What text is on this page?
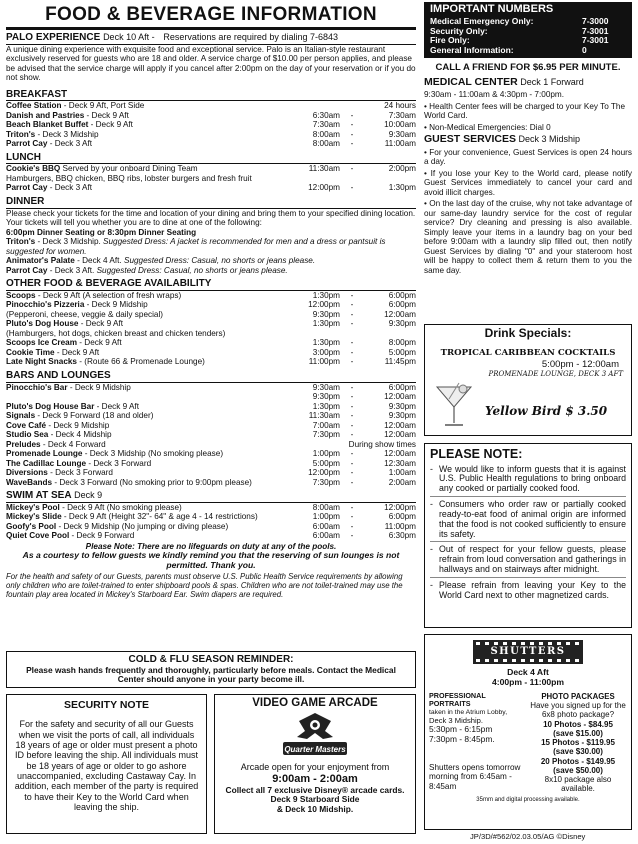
FOOD & BEVERAGE INFORMATION
PALO EXPERIENCE Deck 10 Aft - Reservations are required by dialing 7-6843

A unique dining experience with exquisite food and exceptional service. Palo is an Italian-style restaurant exclusively reserved for guests who are 18 and older. A service charge of $10.00 per person applies, and please be advised that the service charge will apply if you cancel after 2:00pm on the day of your reservation or if you do not show.

BREAKFAST
Coffee Station - Deck 9 Aft, Port Side	24 hours
Danish and Pastries - Deck 9 Aft	6:30am	-	7:30am
Beach Blanket Buffet - Deck 9 Aft	7:30am	-	10:00am
Triton's - Deck 3 Midship	8:00am	-	9:30am
Parrot Cay - Deck 3 Aft	8:00am	-	11:00am
LUNCH
Cookie's BBQ Served by your onboard Dining Team	11:30am	-	2:00pm

Hamburgers, BBQ chicken, BBQ ribs, lobster burgers and fresh fruit

Parrot Cay - Deck 3 Aft	12:00pm	-	1:30pm
DINNER

Please check your tickets for the time and location of your dining and bring them to your specified dining location. Your tickets will tell you whether you are to dine at one of the following:

6:00pm Dinner Seating or 8:30pm Dinner Seating

Triton's - Deck 3 Midship. Suggested Dress: A jacket is recommended for men and a dress or pantsuit is suggested for women.

Animator's Palate - Deck 4 Aft. Suggested Dress: Casual, no shorts or jeans please.

Parrot Cay - Deck 3 Aft. Suggested Dress: Casual, no shorts or jeans please.

OTHER FOOD & BEVERAGE AVAILABILITY
Scoops - Deck 9 Aft (A selection of fresh wraps)	1:30pm	-	6:00pm
Pinocchio's Pizzeria - Deck 9 Midship	12:00pm	-	6:00pm
(Pepperoni, cheese, veggie & daily special)	9:30pm	-	12:00am
Pluto's Dog House - Deck 9 Aft	1:30pm	-	9:30pm
(Hamburgers, hot dogs, chicken breast and chicken tenders)
Scoops Ice Cream - Deck 9 Aft	1:30pm	-	8:00pm
Cookie Time - Deck 9 Aft	3:00pm	-	5:00pm
Late Night Snacks - (Route 66 & Promenade Lounge)	11:00pm	-	11:45pm
BARS AND LOUNGES
Pinocchio's Bar - Deck 9 Midship	9:30am	-	6:00pm
9:30pm	-	12:00am
Pluto's Dog House Bar - Deck 9 Aft	1:30pm	-	9:30pm
Signals - Deck 9 Forward (18 and older)	11:30am	-	9:30pm
Cove Café - Deck 9 Midship	7:00am	-	12:00am
Studio Sea - Deck 4 Midship	7:30pm	-	12:00am
Preludes - Deck 4 Forward	During show times
Promenade Lounge - Deck 3 Midship (No smoking please)	1:00pm	-	12:00am
The Cadillac Lounge - Deck 3 Forward	5:00pm	-	12:30am
Diversions - Deck 3 Forward	12:00pm	-	1:00am
WaveBands - Deck 3 Forward (No smoking prior to 9:00pm please)	7:30pm	-	2:00am
SWIM AT SEA Deck 9
Mickey's Pool - Deck 9 Aft (No smoking please)	8:00am	-	12:00pm
Mickey's Slide - Deck 9 Aft (Height 32"- 64" & age 4 - 14 restrictions)	1:00pm	-	6:00pm
Goofy's Pool - Deck 9 Midship (No jumping or diving please)	6:00am	-	11:00pm
Quiet Cove Pool - Deck 9 Forward	6:00am	-	6:30pm

Please Note: There are no lifeguards on duty at any of the pools.

As a courtesy to fellow guests we kindly remind you that the reserving of sun lounges is not permitted. Thank you.

For the health and safety of our Guests, parents must observe U.S. Public Health Service requirements by allowing only children who are toilet-trained to enter shipboard pools & spas. Children who are not toilet-trained may use the fountain play area located in Mickey's Starboard Ear. Swim diapers are required.

COLD & FLU SEASON REMINDER:
Please wash hands frequently and thoroughly, particularly before meals. Contact the Medical Center should anyone in your party become ill.
SECURITY NOTE
For the safety and security of all our Guests when we visit the ports of call, all individuals 18 years of age or older must present a photo ID before leaving the ship. All individuals must be 18 years of age or older to go ashore unaccompanied, excluding Castaway Cay. In addition, each member of the party is required to have their Key to the World Card when leaving the ship.
VIDEO GAME ARCADE
Arcade open for your enjoyment from
9:00am - 2:00am
Collect all 7 exclusive Disney® arcade cards.
Deck 9 Starboard Side
& Deck 10 Midship.
IMPORTANT NUMBERS
Medical Emergency Only:	7-3000
Security Only:	7-3001
Fire Only:	7-3001
General Information:	0
CALL A FRIEND FOR $6.95 PER MINUTE.
MEDICAL CENTER Deck 1 Forward

9:30am - 11:00am & 4:30pm - 7:00pm.

• Health Center fees will be charged to your Key To The World Card.

• Non-Medical Emergencies: Dial 0

GUEST SERVICES Deck 3 Midship

• For your convenience, Guest Services is open 24 hours a day.

• If you lose your Key to the World card, please notify Guest Services immediately to cancel your card and avoid illicit charges.

• On the last day of the cruise, why not take advantage of our same-day laundry service for the cost of regular service? Dry cleaning and pressing is also available. Simply leave your items in a laundry bag on your bed before 9:00am with a laundry slip filled out, then notify Guest Services by dialing "0" and your stateroom host will be happy to collect them & return them to you the same day.

Drink Specials:
TROPICAL CARIBBEAN COCKTAILS
5:00pm - 12:00am
PROMENADE LOUNGE, DECK 3 AFT
Yellow Bird $ 3.50
PLEASE NOTE:
- We would like to inform guests that it is against U.S. Public Health regulations to bring onboard any cooked or partially cooked food.
- Consumers who order raw or partially cooked ready-to-eat food of animal origin are informed that the food is not cooked sufficiently to ensure its safety.
- Out of respect for your fellow guests, please refrain from loud conversation and gatherings in hallways and on stairways after midnight.
- Please refrain from leaving your Key to the World Card next to other magnetized cards.
SHUTTERS
Deck 4 Aft
4:00pm - 11:00pm
PROFESSIONAL PORTRAITS
taken in the Atrium Lobby,
Deck 3 Midship.
5:30pm - 6:15pm
7:30pm - 8:45pm.
Shutters opens tomorrow morning from 6:45am - 8:45am
PHOTO PACKAGES
Have you signed up for the 6x8 photo package?
10 Photos - $84.95
(save $15.00)
15 Photos - $119.95
(save $30.00)
20 Photos - $149.95
(save $50.00)
8x10 package also available.
35mm and digital processing available.
JP/3D/#562/02.03.05/AG ©Disney
